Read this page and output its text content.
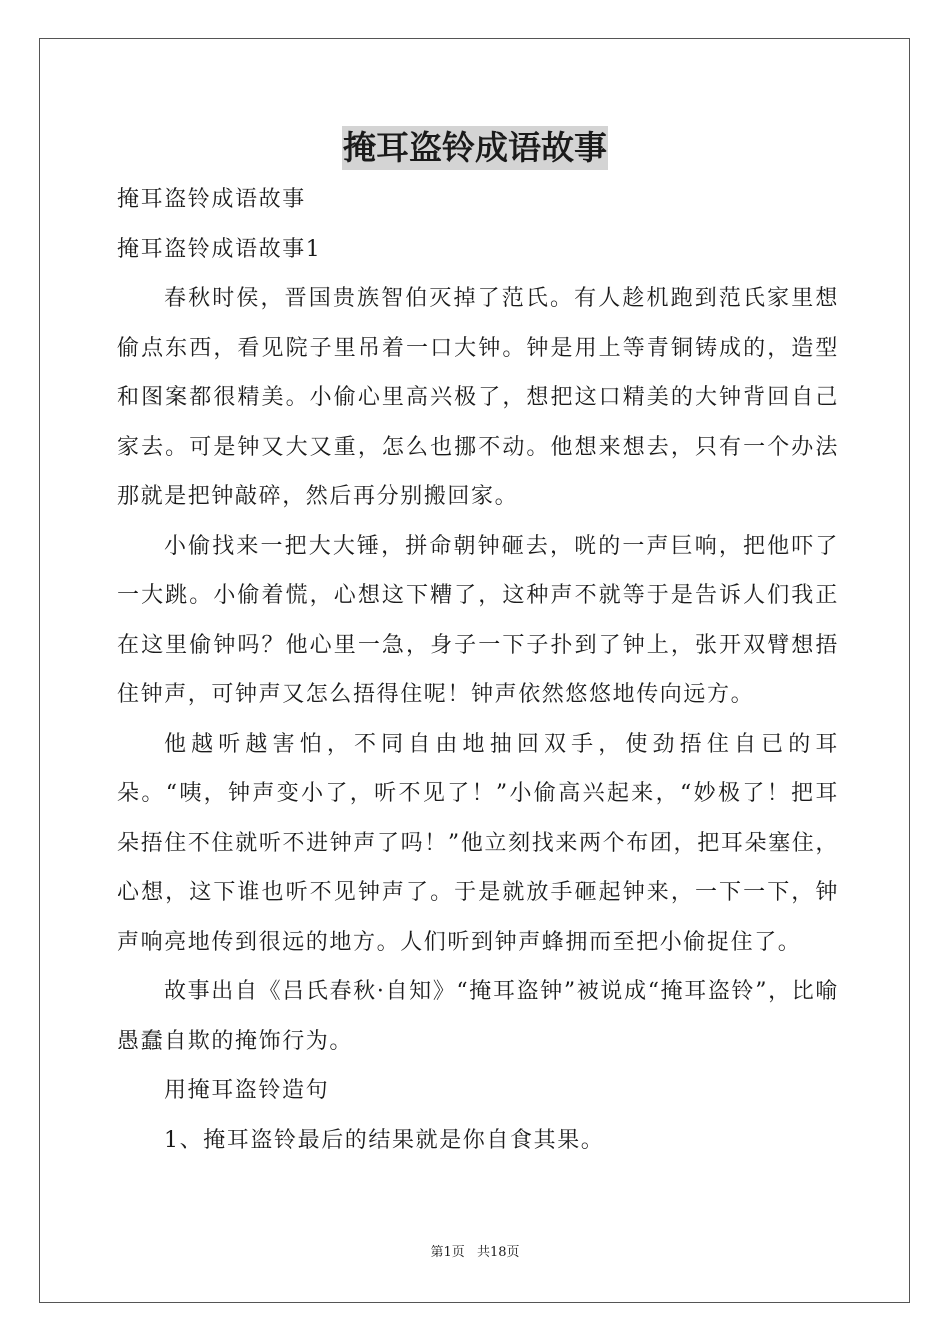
掩耳盗铃成语故事

掩耳盗铃成语故事

掩耳盗铃成语故事1

春秋时侯，晋国贵族智伯灭掉了范氏。有人趁机跑到范氏家里想偷点东西，看见院子里吊着一口大钟。钟是用上等青铜铸成的，造型和图案都很精美。小偷心里高兴极了，想把这口精美的大钟背回自己家去。可是钟又大又重，怎么也挪不动。他想来想去，只有一个办法那就是把钟敲碎，然后再分别搬回家。

小偷找来一把大大锤，拼命朝钟砸去，咣的一声巨响，把他吓了一大跳。小偷着慌，心想这下糟了，这种声不就等于是告诉人们我正在这里偷钟吗？他心里一急，身子一下子扑到了钟上，张开双臂想捂住钟声，可钟声又怎么捂得住呢！钟声依然悠悠地传向远方。

他越听越害怕，不同自由地抽回双手，使劲捂住自已的耳朵。“咦，钟声变小了，听不见了！”小偷高兴起来，“妙极了！把耳朵捂住不住就听不进钟声了吗！”他立刻找来两个布团，把耳朵塞住，心想，这下谁也听不见钟声了。于是就放手砸起钟来，一下一下，钟声响亮地传到很远的地方。人们听到钟声蜂拥而至把小偷捉住了。

故事出自《吕氏春秋·自知》“掩耳盗钟”被说成“掩耳盗铃”，比喻愚蠢自欺的掩饰行为。

用掩耳盗铃造句

1、掩耳盗铃最后的结果就是你自食其果。

第1页 共18页
